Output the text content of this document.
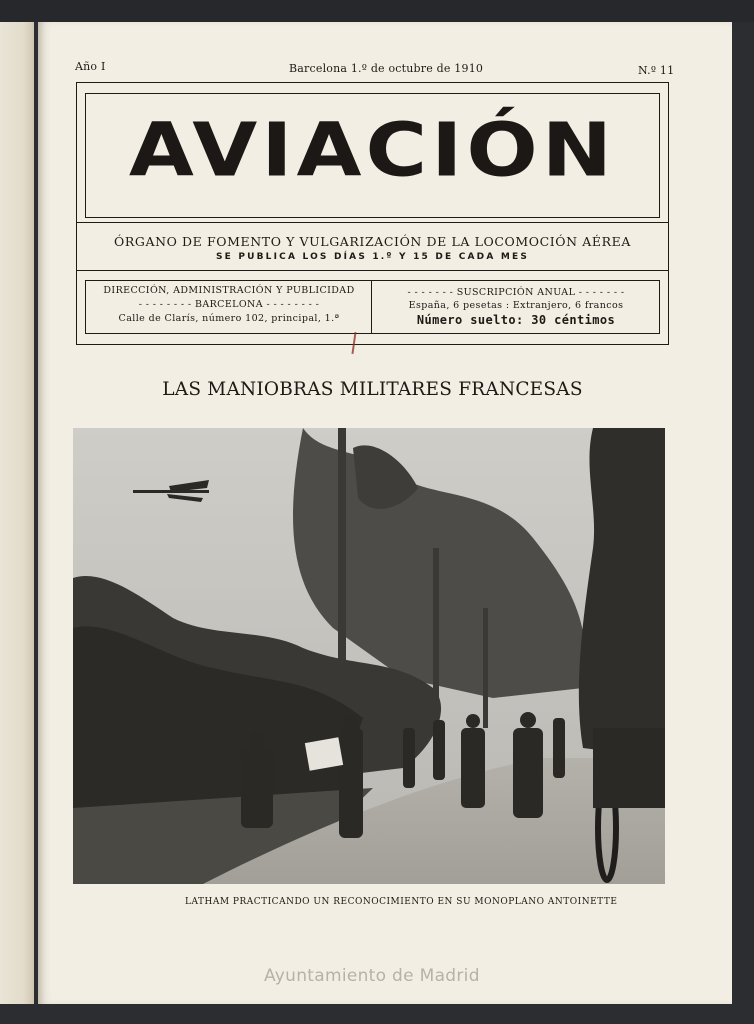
Año I	Barcelona 1.º de octubre de 1910	N.º 11
AVIACIÓN
ÓRGANO DE FOMENTO Y VULGARIZACIÓN DE LA LOCOMOCIÓN AÉREA
SE PUBLICA LOS DÍAS 1.º Y 15 DE CADA MES
DIRECCIÓN, ADMINISTRACIÓN Y PUBLICIDAD
- - - - - - - - BARCELONA - - - - - - - -
Calle de Clarís, número 102, principal, 1.ª
- - - - - - - SUSCRIPCIÓN ANUAL - - - - - - -
España, 6 pesetas : Extranjero, 6 francos
Número suelto: 30 céntimos
LAS MANIOBRAS MILITARES FRANCESAS
LATHAM PRACTICANDO UN RECONOCIMIENTO EN SU MONOPLANO ANTOINETTE
Ayuntamiento de Madrid
